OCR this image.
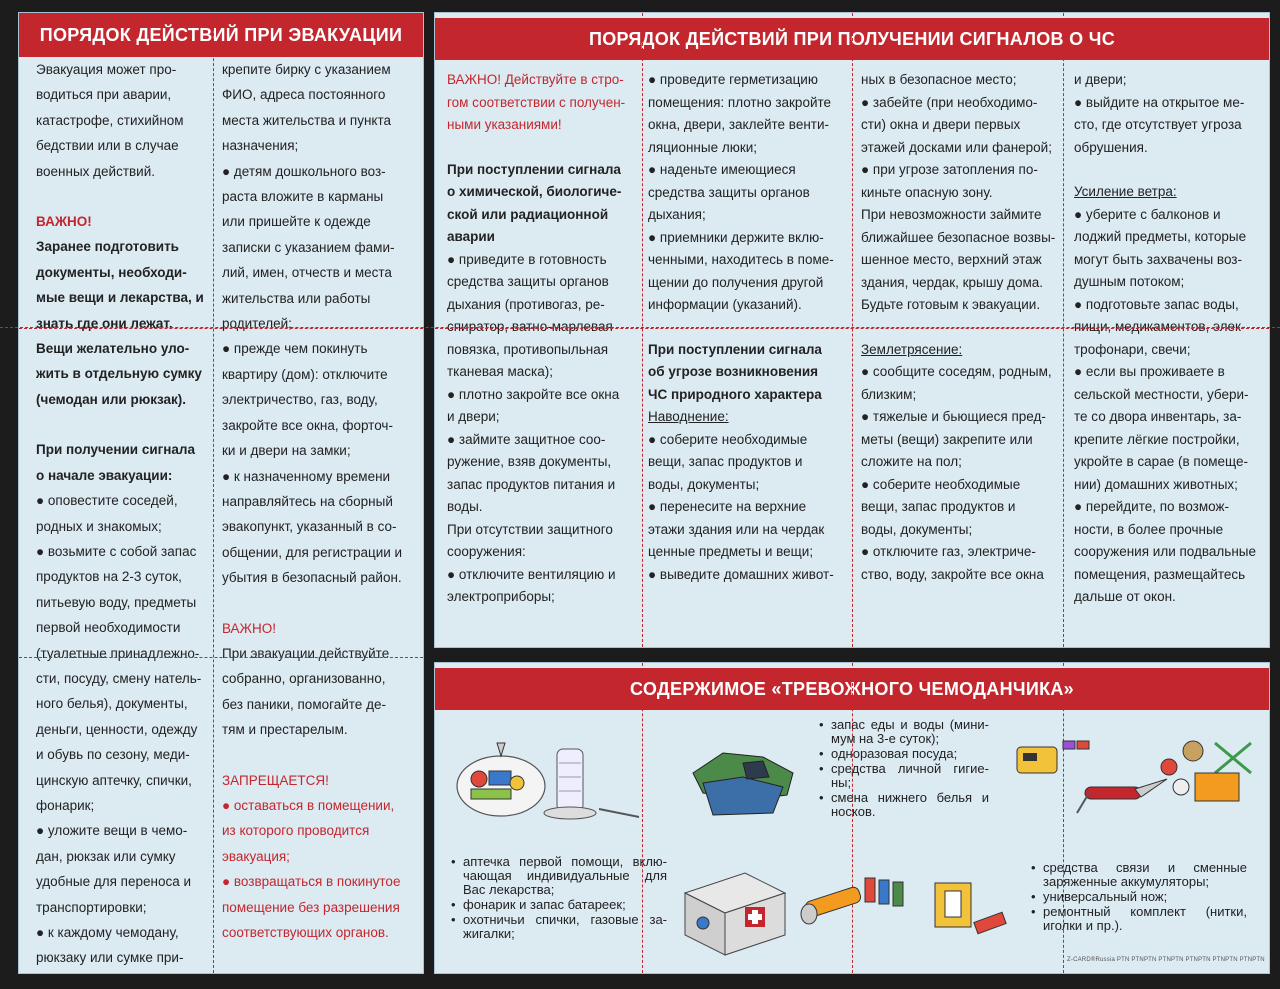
ПОРЯДОК ДЕЙСТВИЙ ПРИ ЭВАКУАЦИИ

Эвакуация может про-

водиться при аварии,

катастрофе, стихийном

бедствии или в случае

военных действий.

ВАЖНО!

Заранее подготовить

документы, необходи-

мые вещи и лекарства, и

знать где они лежат.

Вещи желательно уло-

жить в отдельную сумку

(чемодан или рюкзак).

При получении сигнала

о начале эвакуации:

● оповестите соседей,

родных и знакомых;

● возьмите с собой запас

продуктов на 2-3 суток,

питьевую воду, предметы

первой необходимости

(туалетные принадлежно-

сти, посуду, смену натель-

ного белья), документы,

деньги, ценности, одежду

и обувь по сезону, меди-

цинскую аптечку, спички,

фонарик;

● уложите вещи в чемо-

дан, рюкзак или сумку

удобные для переноса и

транспортировки;

● к каждому чемодану,

рюкзаку или сумке при-

крепите бирку с указанием

ФИО, адреса постоянного

места жительства и пункта

назначения;

● детям дошкольного воз-

раста вложите в карманы

или пришейте к одежде

записки с указанием фами-

лий, имен, отчеств и места

жительства или работы

родителей;

● прежде чем покинуть

квартиру (дом): отключите

электричество, газ, воду,

закройте все окна, форточ-

ки и двери на замки;

● к назначенному времени

направляйтесь на сборный

эвакопункт, указанный в со-

общении, для регистрации и

убытия в безопасный район.

ВАЖНО!

При эвакуации действуйте

собранно, организованно,

без паники, помогайте де-

тям и престарелым.

ЗАПРЕЩАЕТСЯ!

● оставаться в помещении,

из которого проводится

эвакуация;

● возвращаться в покинутое

помещение без разрешения

соответствующих органов.

ПОРЯДОК ДЕЙСТВИЙ ПРИ ПОЛУЧЕНИИ СИГНАЛОВ О ЧС

ВАЖНО! Действуйте в стро-

гом соответствии с получен-

ными указаниями!

При поступлении сигнала

о химической, биологиче-

ской или радиационной

аварии

● приведите в готовность

средства защиты органов

дыхания (противогаз, ре-

спиратор, ватно-марлевая

повязка, противопыльная

тканевая маска);

● плотно закройте все окна

и двери;

● займите защитное соо-

ружение, взяв документы,

запас продуктов питания и

воды.

При отсутствии защитного

сооружения:

● отключите вентиляцию и

электроприборы;

● проведите герметизацию

помещения: плотно закройте

окна, двери, заклейте венти-

ляционные люки;

● наденьте имеющиеся

средства защиты органов

дыхания;

● приемники держите вклю-

ченными, находитесь в поме-

щении до получения другой

информации (указаний).

При поступлении сигнала

об угрозе возникновения

ЧС природного характера

Наводнение:

● соберите необходимые

вещи, запас продуктов и

воды, документы;

● перенесите на верхние

этажи здания или на чердак

ценные предметы и вещи;

● выведите домашних живот-

ных в безопасное место;

● забейте (при необходимо-

сти) окна и двери первых

этажей досками или фанерой;

● при угрозе затопления по-

киньте опасную зону.

При невозможности займите

ближайшее безопасное возвы-

шенное место, верхний этаж

здания, чердак, крышу дома.

Будьте готовым к эвакуации.

Землетрясение:

● сообщите соседям, родным,

близким;

● тяжелые и бьющиеся пред-

меты (вещи) закрепите или

сложите на пол;

● соберите необходимые

вещи, запас продуктов и

воды, документы;

● отключите газ, электриче-

ство, воду, закройте все окна

и двери;

● выйдите на открытое ме-

сто, где отсутствует угроза

обрушения.

Усиление ветра:

● уберите с балконов и

лоджий предметы, которые

могут быть захвачены воз-

душным потоком;

● подготовьте запас воды,

пищи, медикаментов, элек-

трофонари, свечи;

● если вы проживаете в

сельской местности, убери-

те со двора инвентарь, за-

крепите лёгкие постройки,

укройте в сарае (в помеще-

нии) домашних животных;

● перейдите, по возмож-

ности, в более прочные

сооружения или подвальные

помещения, размещайтесь

дальше от окон.

СОДЕРЖИМОЕ «ТРЕВОЖНОГО ЧЕМОДАНЧИКА»
• запас еды и воды (мини-мум на 3-е суток);
• одноразовая посуда;
• средства личной гигие-ны;
• смена нижнего белья и носков.
• аптечка первой помощи, вклю-чающая индивидуальные для Вас лекарства;
• фонарик и запас батареек;
• охотничьи спички, газовые за-жигалки;
• средства связи и сменные заряженные аккумуляторы;
• универсальный нож;
• ремонтный комплект (нитки, иголки и пр.).
Z-CARD®Russia PTN PTNPTN PTNPTN PTNPTN PTNPTN PTNPTN
